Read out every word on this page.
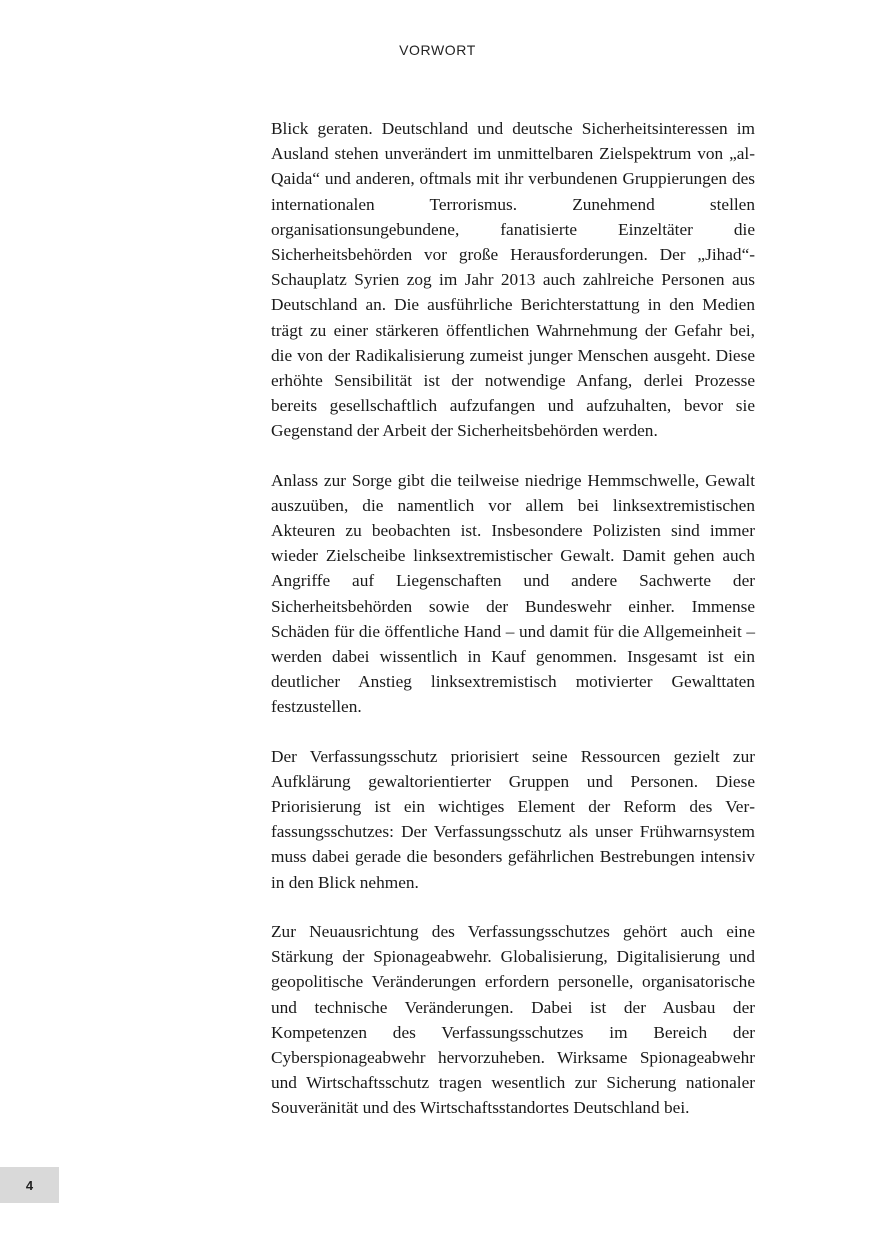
VORWORT

Blick geraten. Deutschland und deutsche Sicherheitsinteressen im Ausland stehen unverändert im unmittelbaren Zielspektrum von „al-Qaida“ und anderen, oftmals mit ihr verbundenen Gruppierungen des internationalen Terrorismus. Zunehmend stellen organisationsungebundene, fanatisierte Einzeltäter die Sicherheitsbehörden vor große Herausforderungen. Der „Jihad“-Schauplatz Syrien zog im Jahr 2013 auch zahlreiche Personen aus Deutschland an. Die ausführliche Berichterstattung in den Medien trägt zu einer stärkeren öffentlichen Wahrnehmung der Gefahr bei, die von der Radikalisierung zumeist junger Menschen ausgeht. Diese erhöhte Sensibilität ist der notwendige Anfang, derlei Prozesse bereits gesellschaftlich aufzufangen und aufzuhalten, bevor sie Gegenstand der Arbeit der Sicherheitsbehörden werden.

Anlass zur Sorge gibt die teilweise niedrige Hemmschwelle, Gewalt auszuüben, die namentlich vor allem bei linksextremistischen Akteuren zu beobachten ist. Insbesondere Polizisten sind immer wieder Zielscheibe linksextremistischer Gewalt. Damit gehen auch Angriffe auf Liegenschaften und andere Sachwerte der Sicherheitsbehörden sowie der Bundeswehr einher. Immense Schäden für die öffentliche Hand – und damit für die Allgemeinheit – werden dabei wissentlich in Kauf genommen. Insgesamt ist ein deutlicher Anstieg linksextremistisch motivierter Gewalttaten festzustellen.

Der Verfassungsschutz priorisiert seine Ressourcen gezielt zur Aufklärung gewaltorientierter Gruppen und Personen. Diese Priorisierung ist ein wichtiges Element der Reform des Verfassungsschutzes: Der Verfassungsschutz als unser Frühwarnsystem muss dabei gerade die besonders gefährlichen Bestrebungen intensiv in den Blick nehmen.

Zur Neuausrichtung des Verfassungsschutzes gehört auch eine Stärkung der Spionageabwehr. Globalisierung, Digitalisierung und geopolitische Veränderungen erfordern personelle, organisatorische und technische Veränderungen. Dabei ist der Ausbau der Kompetenzen des Verfassungsschutzes im Bereich der Cyberspionageabwehr hervorzuheben. Wirksame Spionageabwehr und Wirtschaftsschutz tragen wesentlich zur Sicherung nationaler Souveränität und des Wirtschaftsstandortes Deutschland bei.

4
